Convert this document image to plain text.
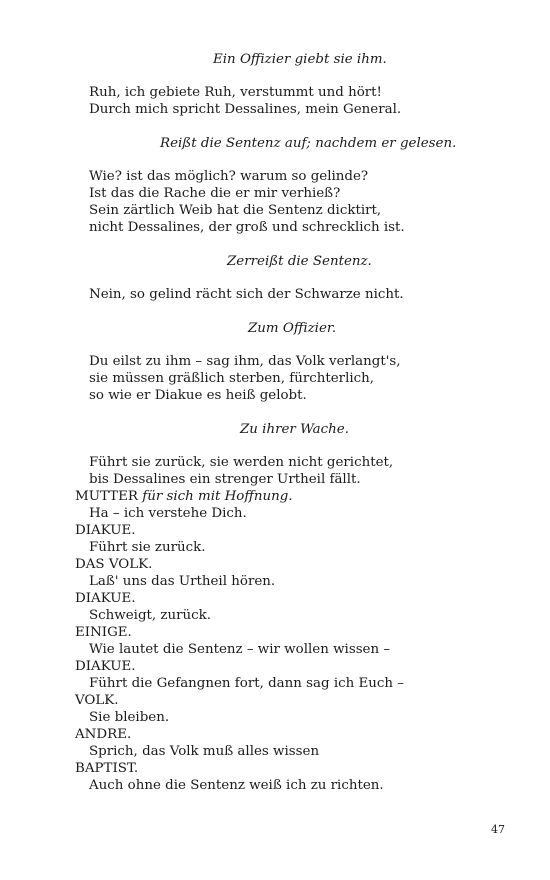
Ein Offizier giebt sie ihm.
Ruh, ich gebiete Ruh, verstummt und hört!
Durch mich spricht Dessalines, mein General.
Reißt die Sentenz auf; nachdem er gelesen.
Wie? ist das möglich? warum so gelinde?
Ist das die Rache die er mir verhieß?
Sein zärtlich Weib hat die Sentenz dicktirt,
nicht Dessalines, der groß und schrecklich ist.
Zerreißt die Sentenz.
Nein, so gelind rächt sich der Schwarze nicht.
Zum Offizier.
Du eilst zu ihm – sag ihm, das Volk verlangt's,
sie müssen gräßlich sterben, fürchterlich,
so wie er Diakue es heiß gelobt.
Zu ihrer Wache.
Führt sie zurück, sie werden nicht gerichtet,
bis Dessalines ein strenger Urtheil fällt.
MUTTER für sich mit Hoffnung.
Ha – ich verstehe Dich.
DIAKUE.
Führt sie zurück.
DAS VOLK.
Laß' uns das Urtheil hören.
DIAKUE.
Schweigt, zurück.
EINIGE.
Wie lautet die Sentenz – wir wollen wissen –
DIAKUE.
Führt die Gefangnen fort, dann sag ich Euch –
VOLK.
Sie bleiben.
ANDRE.
Sprich, das Volk muß alles wissen
BAPTIST.
Auch ohne die Sentenz weiß ich zu richten.
47
